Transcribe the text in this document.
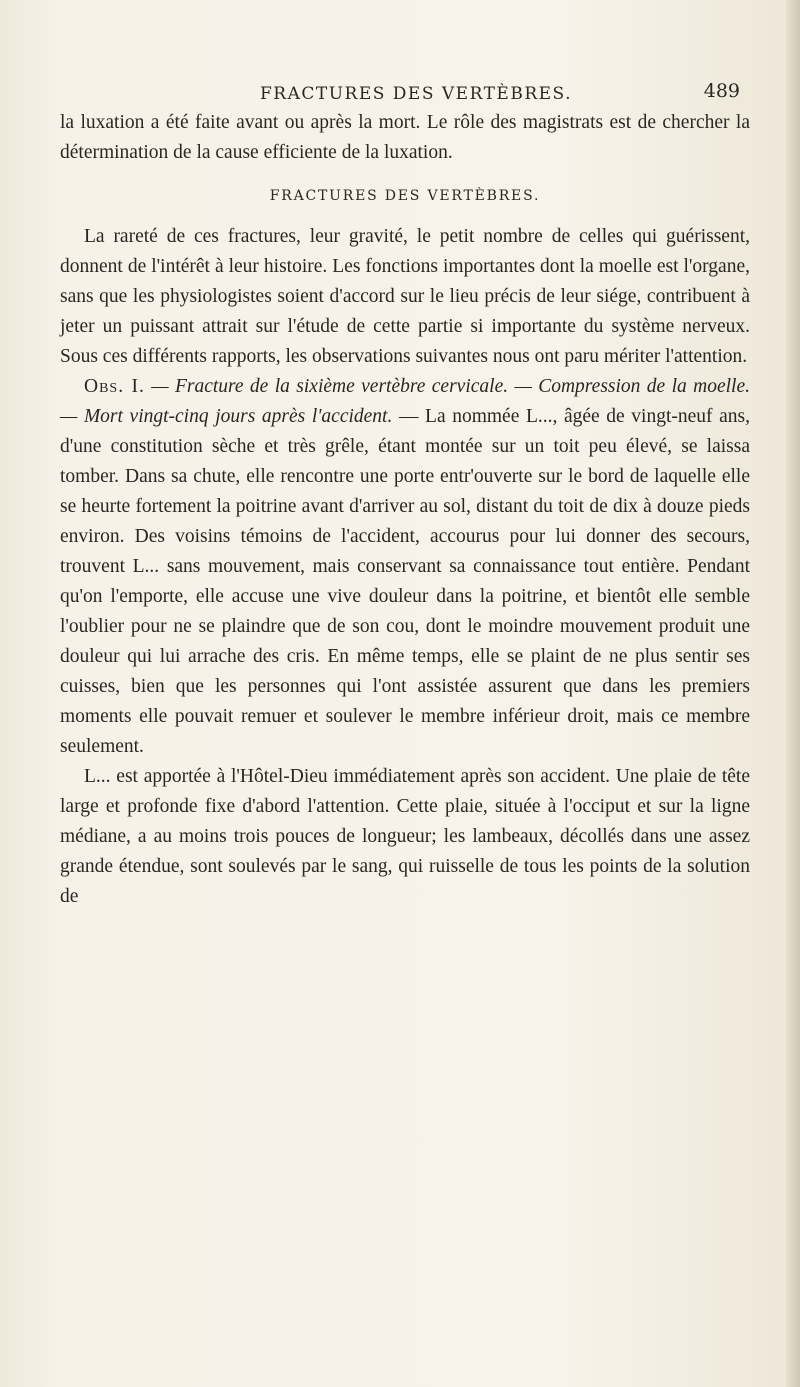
FRACTURES DES VERTÈBRES.	489

la luxation a été faite avant ou après la mort. Le rôle des magistrats est de chercher la détermination de la cause efficiente de la luxation.

FRACTURES DES VERTÈBRES.

La rareté de ces fractures, leur gravité, le petit nombre de celles qui guérissent, donnent de l'intérêt à leur histoire. Les fonctions importantes dont la moelle est l'organe, sans que les physiologistes soient d'accord sur le lieu précis de leur siége, contribuent à jeter un puissant attrait sur l'étude de cette partie si importante du système nerveux. Sous ces différents rapports, les observations suivantes nous ont paru mériter l'attention.

Obs. I. — Fracture de la sixième vertèbre cervicale. — Compression de la moelle. — Mort vingt-cinq jours après l'accident. — La nommée L..., âgée de vingt-neuf ans, d'une constitution sèche et très grêle, étant montée sur un toit peu élevé, se laissa tomber. Dans sa chute, elle rencontre une porte entr'ouverte sur le bord de laquelle elle se heurte fortement la poitrine avant d'arriver au sol, distant du toit de dix à douze pieds environ. Des voisins témoins de l'accident, accourus pour lui donner des secours, trouvent L... sans mouvement, mais conservant sa connaissance tout entière. Pendant qu'on l'emporte, elle accuse une vive douleur dans la poitrine, et bientôt elle semble l'oublier pour ne se plaindre que de son cou, dont le moindre mouvement produit une douleur qui lui arrache des cris. En même temps, elle se plaint de ne plus sentir ses cuisses, bien que les personnes qui l'ont assistée assurent que dans les premiers moments elle pouvait remuer et soulever le membre inférieur droit, mais ce membre seulement.

L... est apportée à l'Hôtel-Dieu immédiatement après son accident. Une plaie de tête large et profonde fixe d'abord l'attention. Cette plaie, située à l'occiput et sur la ligne médiane, a au moins trois pouces de longueur; les lambeaux, décollés dans une assez grande étendue, sont soulevés par le sang, qui ruisselle de tous les points de la solution de
